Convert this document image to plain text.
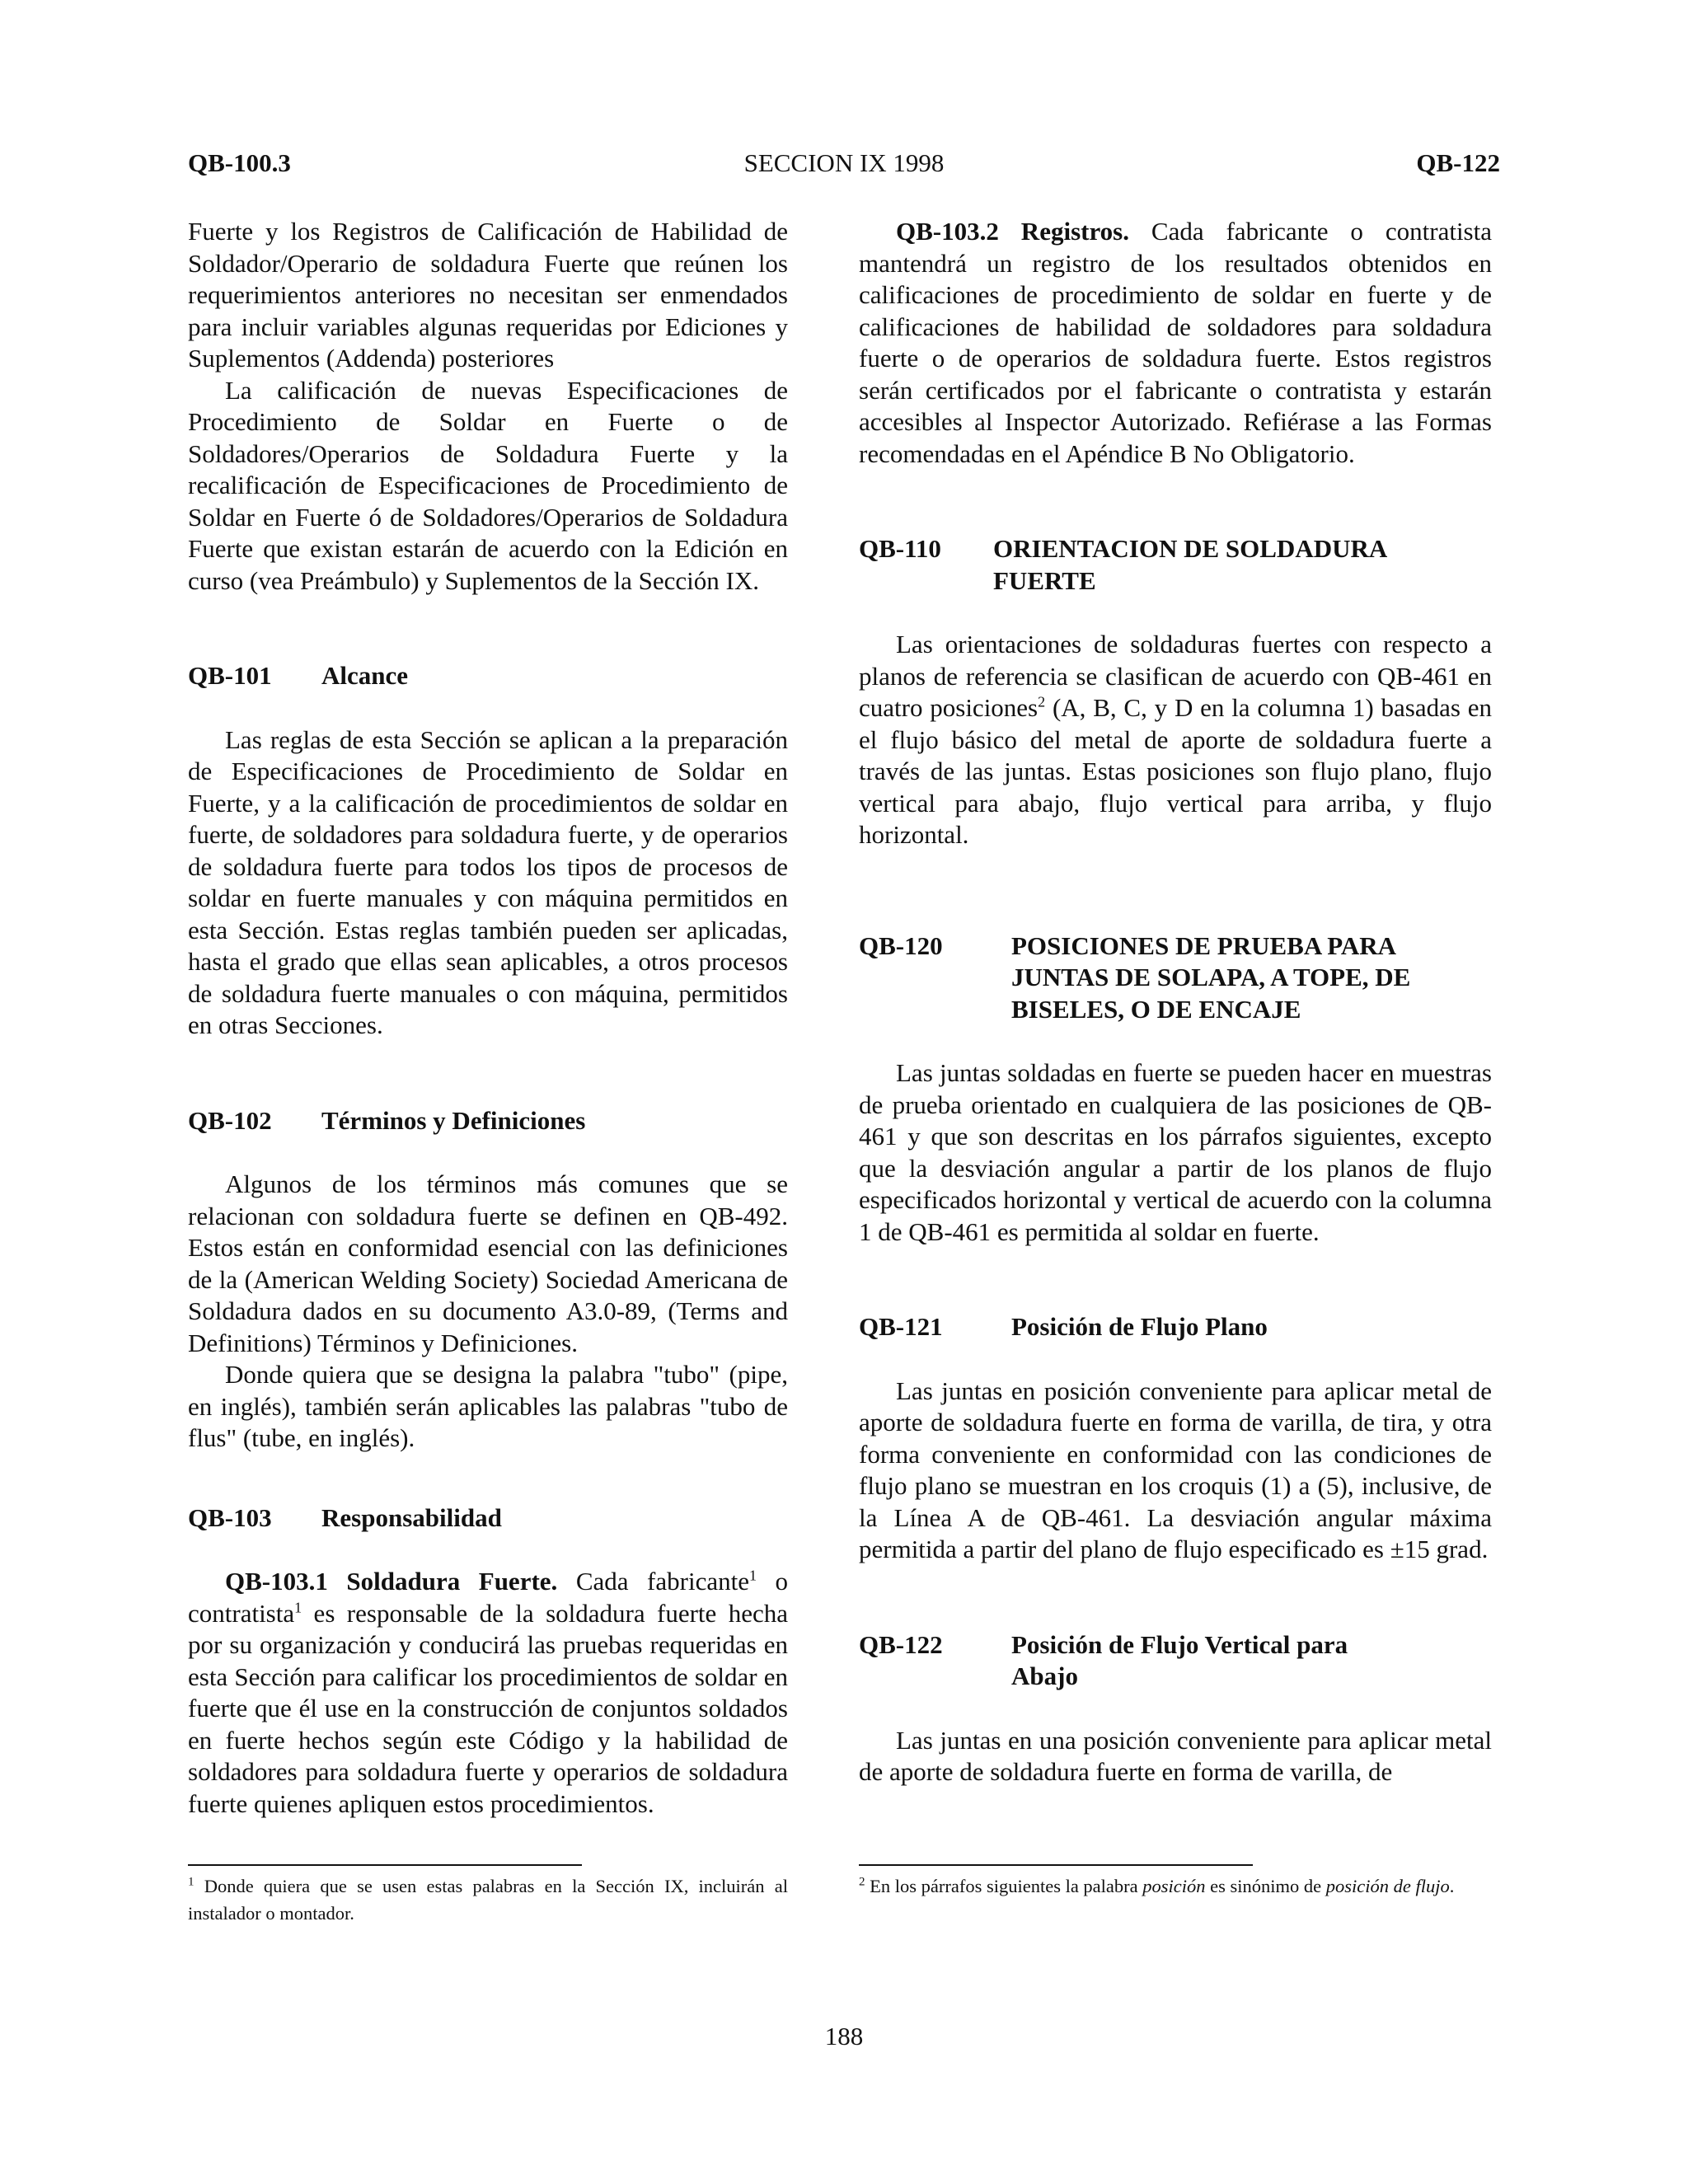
QB-100.3	SECCION IX 1998	QB-122

Fuerte y los Registros de Calificación de Habilidad de Soldador/Operario de soldadura Fuerte que reúnen los requerimientos anteriores no necesitan ser enmendados para incluir variables algunas requeridas por Ediciones y Suplementos (Addenda) posteriores

La calificación de nuevas Especificaciones de Procedimiento de Soldar en Fuerte o de Soldadores/Operarios de Soldadura Fuerte y la recalificación de Especificaciones de Procedimiento de Soldar en Fuerte ó de Soldadores/Operarios de Soldadura Fuerte que existan estarán de acuerdo con la Edición en curso (vea Preámbulo) y Suplementos de la Sección IX.

QB-101	Alcance

Las reglas de esta Sección se aplican a la preparación de Especificaciones de Procedimiento de Soldar en Fuerte, y a la calificación de procedimientos de soldar en fuerte, de soldadores para soldadura fuerte, y de operarios de soldadura fuerte para todos los tipos de procesos de soldar en fuerte manuales y con máquina permitidos en esta Sección. Estas reglas también pueden ser aplicadas, hasta el grado que ellas sean aplicables, a otros procesos de soldadura fuerte manuales o con máquina, permitidos en otras Secciones.

QB-102	Términos y Definiciones

Algunos de los términos más comunes que se relacionan con soldadura fuerte se definen en QB-492. Estos están en conformidad esencial con las definiciones de la (American Welding Society) Sociedad Americana de Soldadura dados en su documento A3.0-89, (Terms and Definitions) Términos y Definiciones.

Donde quiera que se designa la palabra "tubo" (pipe, en inglés), también serán aplicables las palabras "tubo de flus" (tube, en inglés).

QB-103	Responsabilidad

QB-103.1 Soldadura Fuerte. Cada fabricante$^1$ o contratista$^1$ es responsable de la soldadura fuerte hecha por su organización y conducirá las pruebas requeridas en esta Sección para calificar los procedimientos de soldar en fuerte que él use en la construcción de conjuntos soldados en fuerte hechos según este Código y la habilidad de soldadores para soldadura fuerte y operarios de soldadura fuerte quienes apliquen estos procedimientos.

$^1$ Donde quiera que se usen estas palabras en la Sección IX, incluirán al instalador o montador.

QB-103.2 Registros. Cada fabricante o contratista mantendrá un registro de los resultados obtenidos en calificaciones de procedimiento de soldar en fuerte y de calificaciones de habilidad de soldadores para soldadura fuerte o de operarios de soldadura fuerte. Estos registros serán certificados por el fabricante o contratista y estarán accesibles al Inspector Autorizado. Refiérase a las Formas recomendadas en el Apéndice B No Obligatorio.

QB-110	ORIENTACION DE SOLDADURA FUERTE

Las orientaciones de soldaduras fuertes con respecto a planos de referencia se clasifican de acuerdo con QB-461 en cuatro posiciones$^2$ (A, B, C, y D en la columna 1) basadas en el flujo básico del metal de aporte de soldadura fuerte a través de las juntas. Estas posiciones son flujo plano, flujo vertical para abajo, flujo vertical para arriba, y flujo horizontal.

QB-120	POSICIONES DE PRUEBA PARA JUNTAS DE SOLAPA, A TOPE, DE BISELES, O DE ENCAJE

Las juntas soldadas en fuerte se pueden hacer en muestras de prueba orientado en cualquiera de las posiciones de QB-461 y que son descritas en los párrafos siguientes, excepto que la desviación angular a partir de los planos de flujo especificados horizontal y vertical de acuerdo con la columna 1 de QB-461 es permitida al soldar en fuerte.

QB-121	Posición de Flujo Plano

Las juntas en posición conveniente para aplicar metal de aporte de soldadura fuerte en forma de varilla, de tira, y otra forma conveniente en conformidad con las condiciones de flujo plano se muestran en los croquis (1) a (5), inclusive, de la Línea A de QB-461. La desviación angular máxima permitida a partir del plano de flujo especificado es ±15 grad.

QB-122	Posición de Flujo Vertical para Abajo

Las juntas en una posición conveniente para aplicar metal de aporte de soldadura fuerte en forma de varilla, de

$^2$ En los párrafos siguientes la palabra posición es sinónimo de posición de flujo.
188
